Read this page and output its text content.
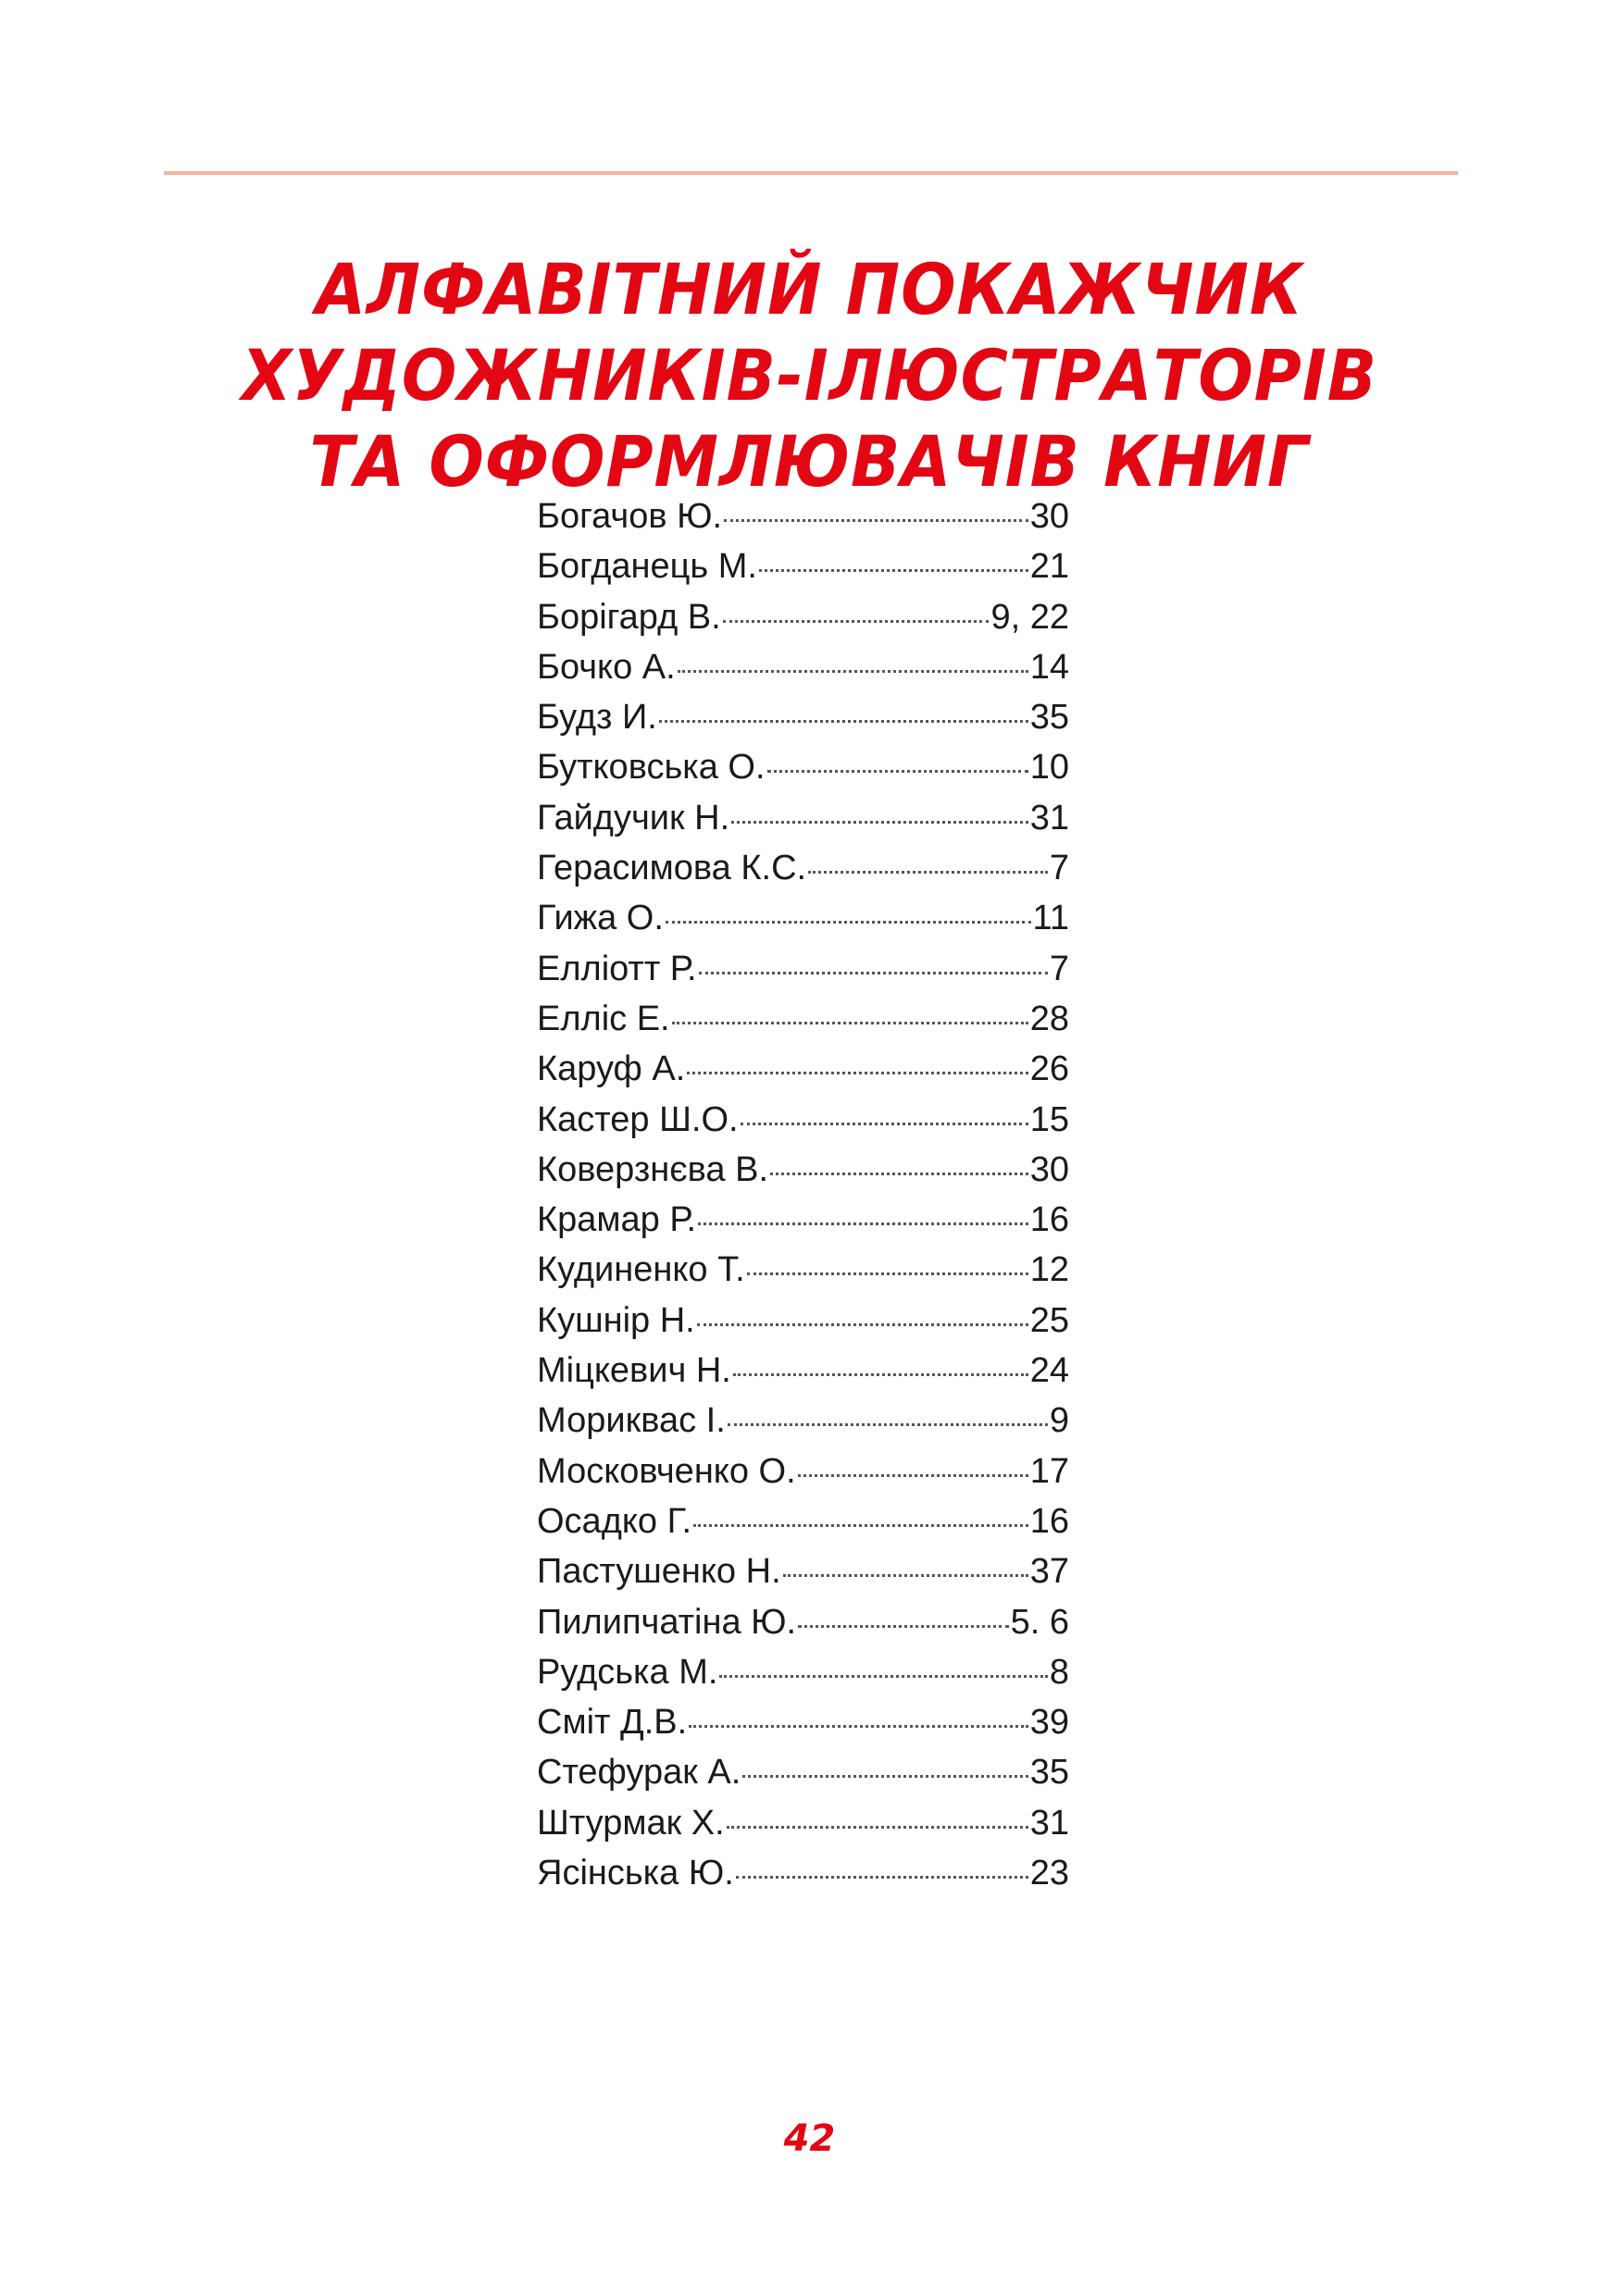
АЛФАВІТНИЙ ПОКАЖЧИК
ХУДОЖНИКІВ-ІЛЮСТРАТОРІВ
ТА ОФОРМЛЮВАЧІВ КНИГ
Богачов Ю.	30
Богданець М.	21
Борігард В.	9, 22
Бочко А.	14
Будз И.	35
Бутковська О.	10
Гайдучик Н.	31
Герасимова К.С.	7
Гижа О.	11
Еллiотт Р.	7
Елліс Е.	28
Каруф А.	26
Кастер Ш.О.	15
Коверзнєва В.	30
Крамар Р.	16
Кудиненко Т.	12
Кушнір Н.	25
Міцкевич Н.	24
Мориквас І.	9
Московченко О.	17
Осадко Г.	16
Пастушенко Н.	37
Пилипчатіна Ю.	5. 6
Рудська М.	8
Сміт Д.В.	39
Стефурак А.	35
Штурмак Х.	31
Ясінська Ю.	23
42
